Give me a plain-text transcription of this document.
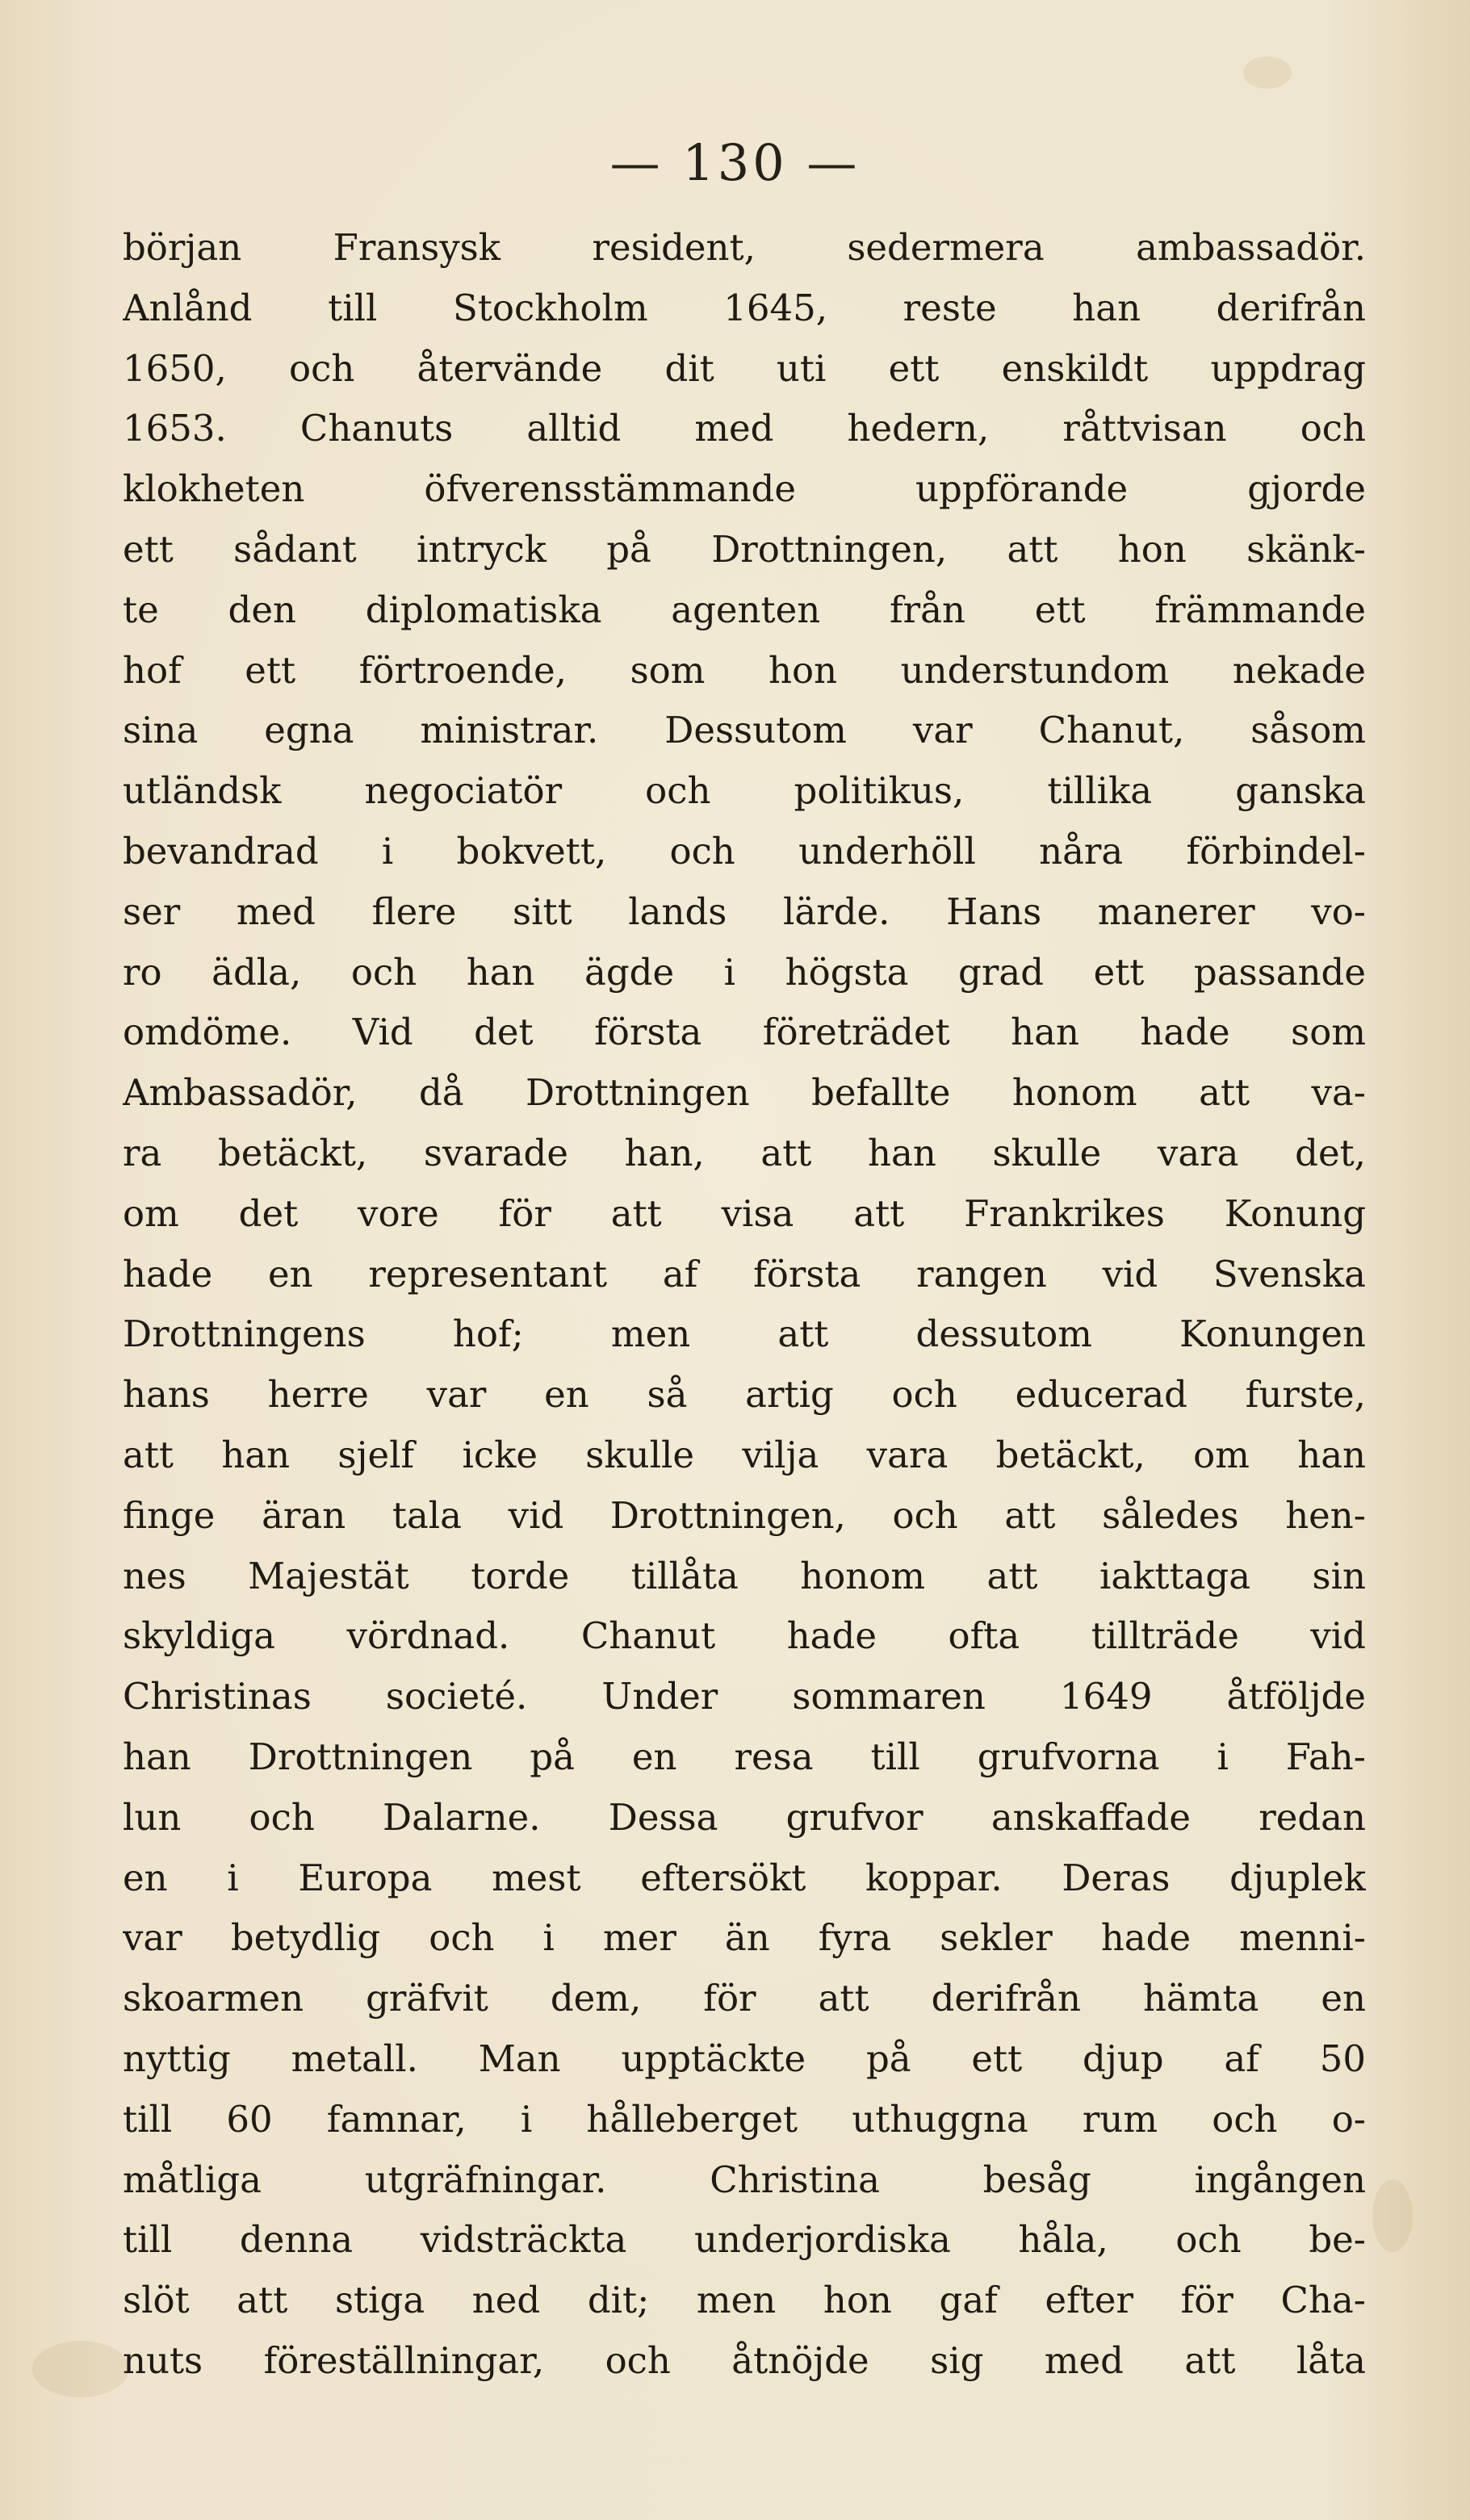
— 130 —
början Fransysk resident, sedermera ambassadör.
Anlånd till Stockholm 1645, reste han derifrån
1650, och återvände dit uti ett enskildt uppdrag
1653. Chanuts alltid med hedern, råttvisan och
klokheten öfverensstämmande uppförande gjorde
ett sådant intryck på Drottningen, att hon skänk-
te den diplomatiska agenten från ett främmande
hof ett förtroende, som hon understundom nekade
sina egna ministrar. Dessutom var Chanut, såsom
utländsk negociatör och politikus, tillika ganska
bevandrad i bokvett, och underhöll nåra förbindel-
ser med flere sitt lands lärde. Hans manerer vo-
ro ädla, och han ägde i högsta grad ett passande
omdöme. Vid det första företrädet han hade som
Ambassadör, då Drottningen befallte honom att va-
ra betäckt, svarade han, att han skulle vara det,
om det vore för att visa att Frankrikes Konung
hade en representant af första rangen vid Svenska
Drottningens hof; men att dessutom Konungen
hans herre var en så artig och educerad furste,
att han sjelf icke skulle vilja vara betäckt, om han
finge äran tala vid Drottningen, och att således hen-
nes Majestät torde tillåta honom att iakttaga sin
skyldiga vördnad. Chanut hade ofta tillträde vid
Christinas societé. Under sommaren 1649 åtföljde
han Drottningen på en resa till grufvorna i Fah-
lun och Dalarne. Dessa grufvor anskaffade redan
en i Europa mest eftersökt koppar. Deras djuplek
var betydlig och i mer än fyra sekler hade menni-
skoarmen gräfvit dem, för att derifrån hämta en
nyttig metall. Man upptäckte på ett djup af 50
till 60 famnar, i hålleberget uthuggna rum och o-
måtliga utgräfningar. Christina besåg ingången
till denna vidsträckta underjordiska håla, och be-
slöt att stiga ned dit; men hon gaf efter för Cha-
nuts föreställningar, och åtnöjde sig med att låta
